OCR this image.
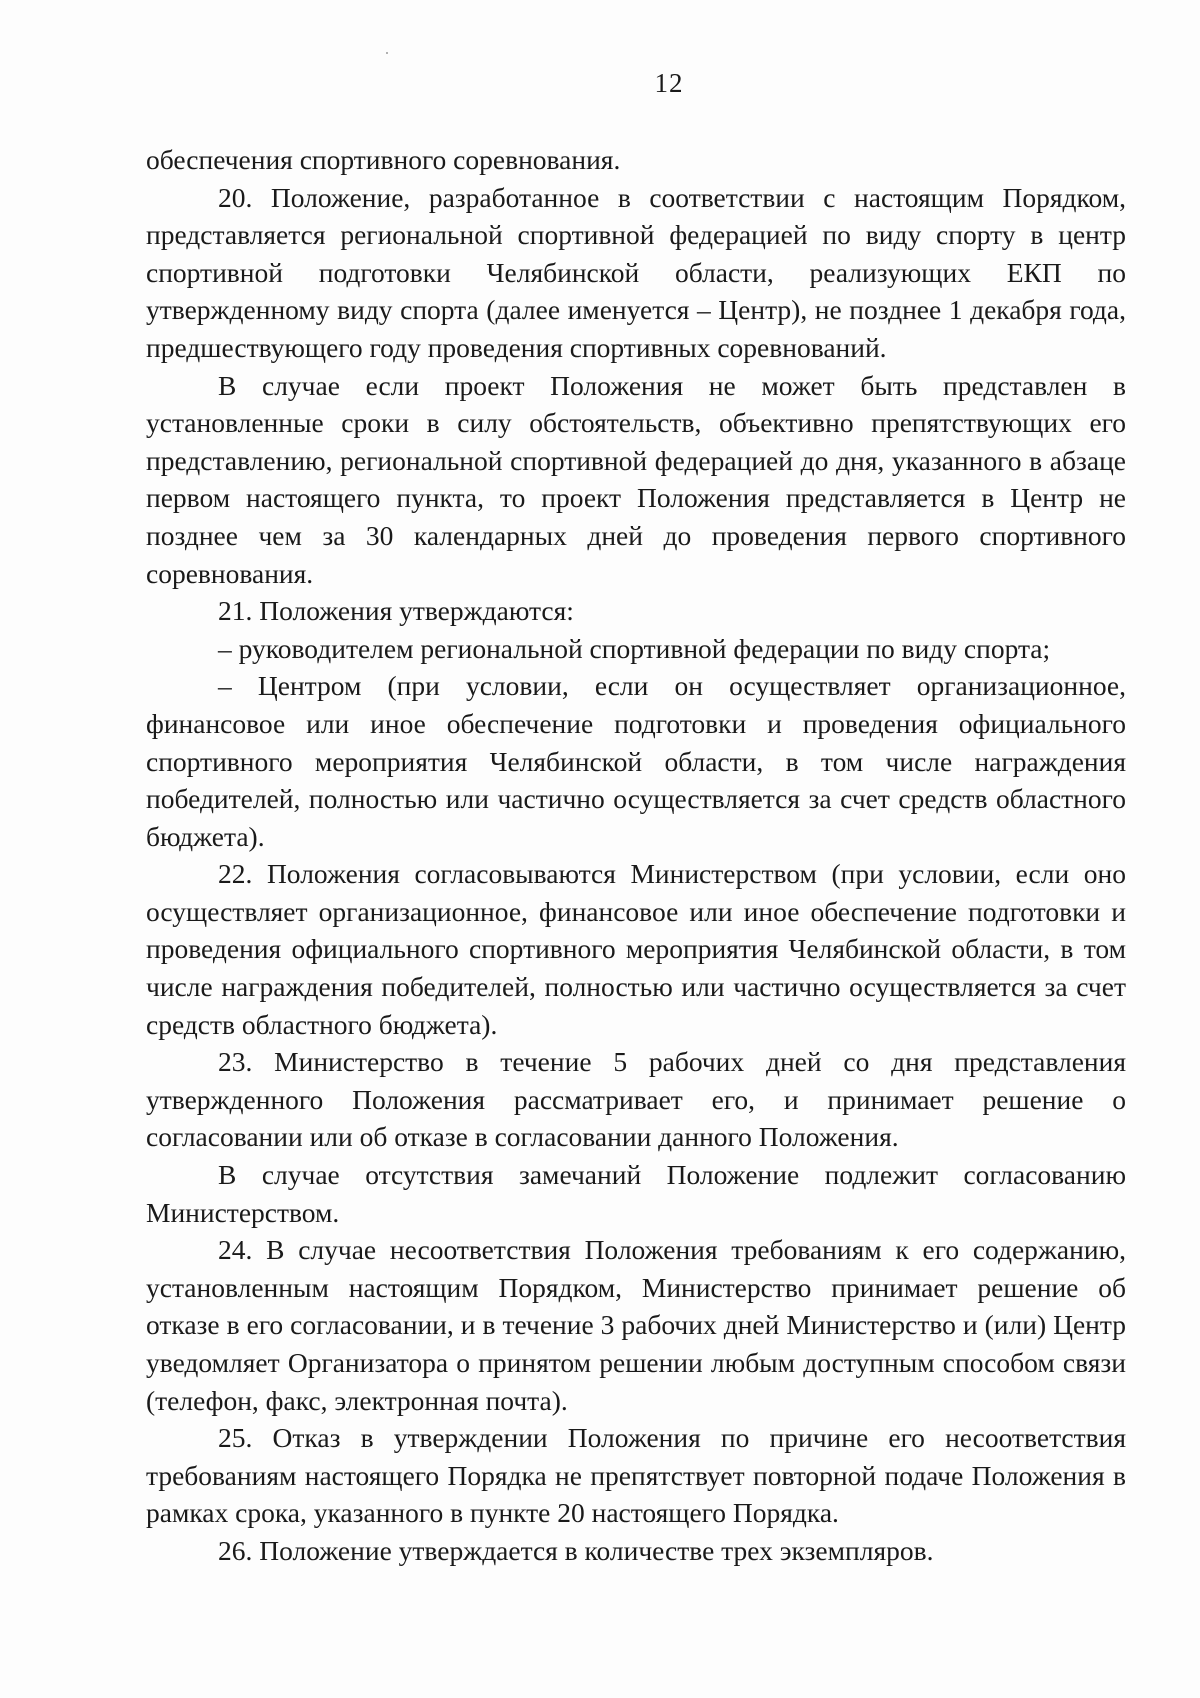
12

обеспечения спортивного соревнования.

20. Положение, разработанное в соответствии с настоящим Порядком, представляется региональной спортивной федерацией по виду спорту в центр спортивной подготовки Челябинской области, реализующих ЕКП по утвержденному виду спорта (далее именуется – Центр), не позднее 1 декабря года, предшествующего году проведения спортивных соревнований.

В случае если проект Положения не может быть представлен в установленные сроки в силу обстоятельств, объективно препятствующих его представлению, региональной спортивной федерацией до дня, указанного в абзаце первом настоящего пункта, то проект Положения представляется в Центр не позднее чем за 30 календарных дней до проведения первого спортивного соревнования.

21. Положения утверждаются:

– руководителем региональной спортивной федерации по виду спорта;

– Центром (при условии, если он осуществляет организационное, финансовое или иное обеспечение подготовки и проведения официального спортивного мероприятия Челябинской области, в том числе награждения победителей, полностью или частично осуществляется за счет средств областного бюджета).

22. Положения согласовываются Министерством (при условии, если оно осуществляет организационное, финансовое или иное обеспечение подготовки и проведения официального спортивного мероприятия Челябинской области, в том числе награждения победителей, полностью или частично осуществляется за счет средств областного бюджета).

23. Министерство в течение 5 рабочих дней со дня представления утвержденного Положения рассматривает его, и принимает решение о согласовании или об отказе в согласовании данного Положения.

В случае отсутствия замечаний Положение подлежит согласованию Министерством.

24. В случае несоответствия Положения требованиям к его содержанию, установленным настоящим Порядком, Министерство принимает решение об отказе в его согласовании, и в течение 3 рабочих дней Министерство и (или) Центр уведомляет Организатора о принятом решении любым доступным способом связи (телефон, факс, электронная почта).

25. Отказ в утверждении Положения по причине его несоответствия требованиям настоящего Порядка не препятствует повторной подаче Положения в рамках срока, указанного в пункте 20 настоящего Порядка.

26. Положение утверждается в количестве трех экземпляров.
